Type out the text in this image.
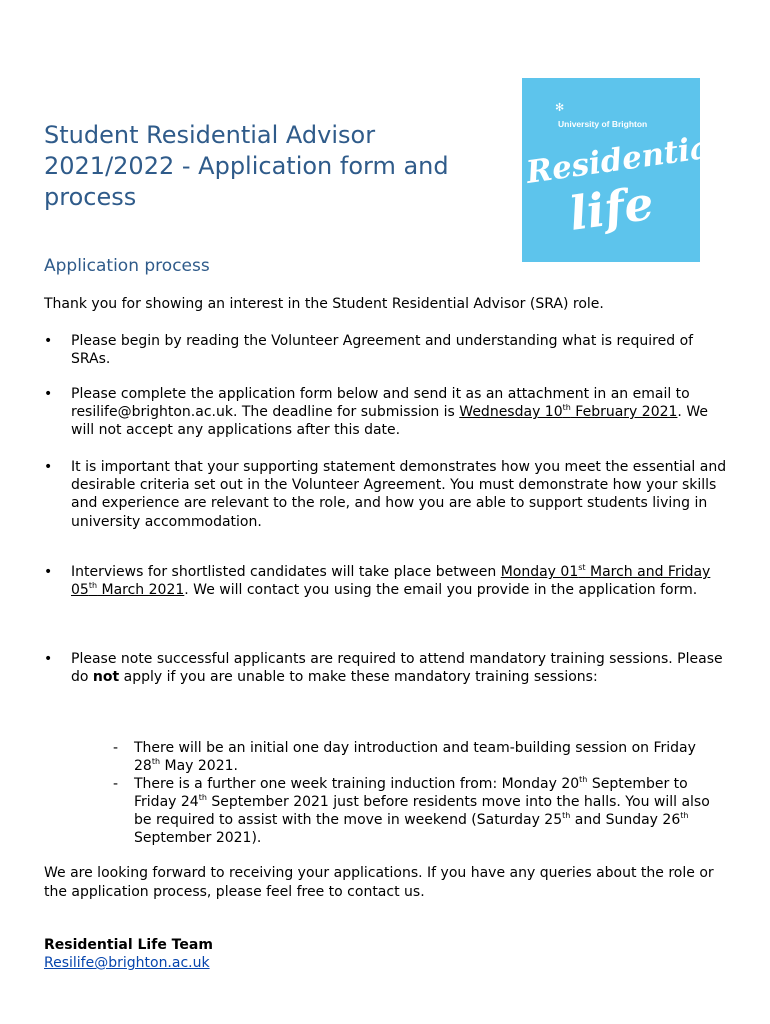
Student Residential Advisor 2021/2022 - Application form and process
✻
University of Brighton
Residential
life
Application process

Thank you for showing an interest in the Student Residential Advisor (SRA) role.

• Please begin by reading the Volunteer Agreement and understanding what is required of SRAs.
• Please complete the application form below and send it as an attachment in an email to resilife@brighton.ac.uk. The deadline for submission is Wednesday 10th February 2021. We will not accept any applications after this date.
• It is important that your supporting statement demonstrates how you meet the essential and desirable criteria set out in the Volunteer Agreement. You must demonstrate how your skills and experience are relevant to the role, and how you are able to support students living in university accommodation.
• Interviews for shortlisted candidates will take place between Monday 01st March and Friday 05th March 2021. We will contact you using the email you provide in the application form.
• Please note successful applicants are required to attend mandatory training sessions. Please do not apply if you are unable to make these mandatory training sessions:
- There will be an initial one day introduction and team-building session on Friday 28th May 2021.
- There is a further one week training induction from: Monday 20th September to Friday 24th September 2021 just before residents move into the halls. You will also be required to assist with the move in weekend (Saturday 25th and Sunday 26th September 2021).

We are looking forward to receiving your applications. If you have any queries about the role or the application process, please feel free to contact us.

Residential Life Team

Resilife@brighton.ac.uk
